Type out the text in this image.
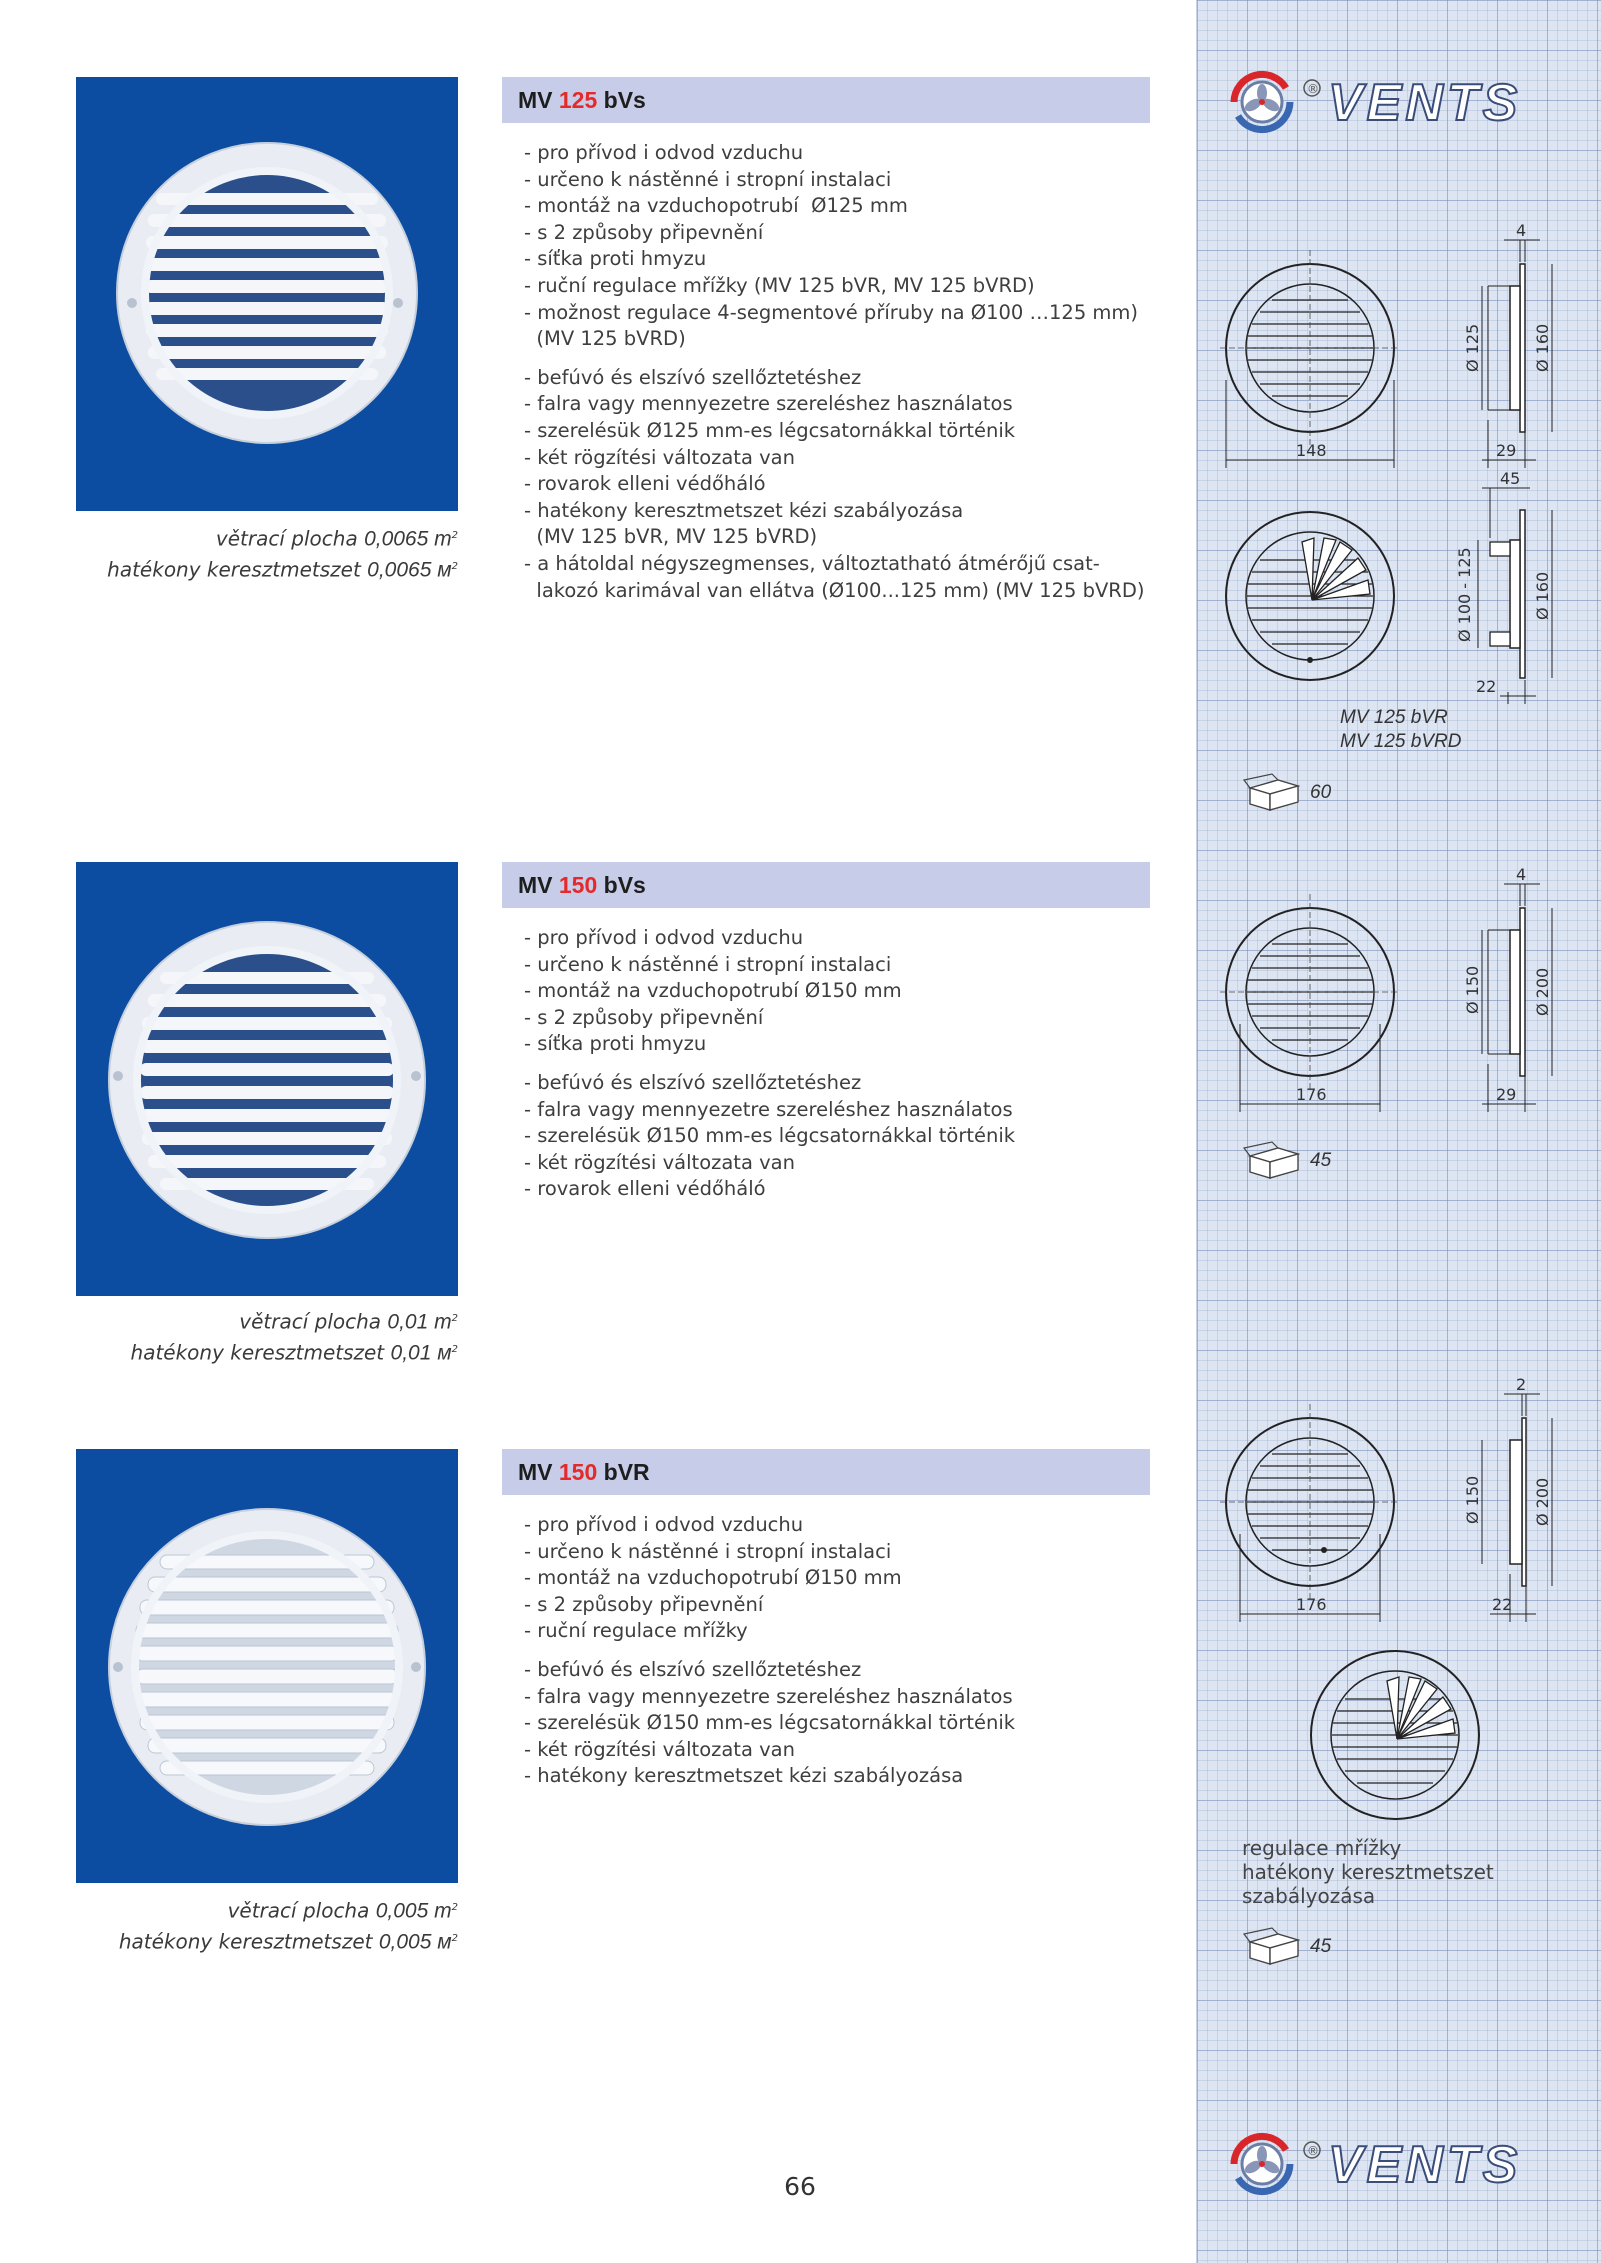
® VENTS
® VENTS
větrací plocha 0,0065 $m^2$
hatékony keresztmetszet 0,0065 $м^2$
MV 125 bVs
- pro přívod i odvod vzduchu
- určeno k nástěnné i stropní instalaci
- montáž na vzduchopotrubí  Ø125 mm
- s 2 způsoby připevnění
- síťka proti hmyzu
- ruční regulace mřížky (MV 125 bVR, MV 125 bVRD)
- možnost regulace 4-segmentové příruby na Ø100 …125 mm)
(MV 125 bVRD)
- befúvó és elszívó szellőztetéshez
- falra vagy mennyezetre szereléshez használatos
- szerelésük Ø125 mm-es légcsatornákkal történik
- két rögzítési változata van
- rovarok elleni védőháló
- hatékony keresztmetszet kézi szabályozása
(MV 125 bVR, MV 125 bVRD)
- a hátoldal négyszegmenses, változtatható átmérőjű csat-
lakozó karimával van ellátva (Ø100...125 mm) (MV 125 bVRD)
148	29
4
Ø 125	Ø 160
45
22
Ø 100 - 125	Ø 160
MV 125 bVR
MV 125 bVRD
60
větrací plocha 0,01 $m^2$
hatékony keresztmetszet 0,01 $м^2$
MV 150 bVs
- pro přívod i odvod vzduchu
- určeno k nástěnné i stropní instalaci
- montáž na vzduchopotrubí Ø150 mm
- s 2 způsoby připevnění
- síťka proti hmyzu
- befúvó és elszívó szellőztetéshez
- falra vagy mennyezetre szereléshez használatos
- szerelésük Ø150 mm-es légcsatornákkal történik
- két rögzítési változata van
- rovarok elleni védőháló
176	29
4
Ø 150	Ø 200
45
větrací plocha 0,005 $m^2$
hatékony keresztmetszet 0,005 $м^2$
MV 150 bVR
- pro přívod i odvod vzduchu
- určeno k nástěnné i stropní instalaci
- montáž na vzduchopotrubí Ø150 mm
- s 2 způsoby připevnění
- ruční regulace mřížky
- befúvó és elszívó szellőztetéshez
- falra vagy mennyezetre szereléshez használatos
- szerelésük Ø150 mm-es légcsatornákkal történik
- két rögzítési változata van
- hatékony keresztmetszet kézi szabályozása
176	22
2
Ø 150	Ø 200
regulace mřížky
hatékony keresztmetszet
szabályozása
45
66
